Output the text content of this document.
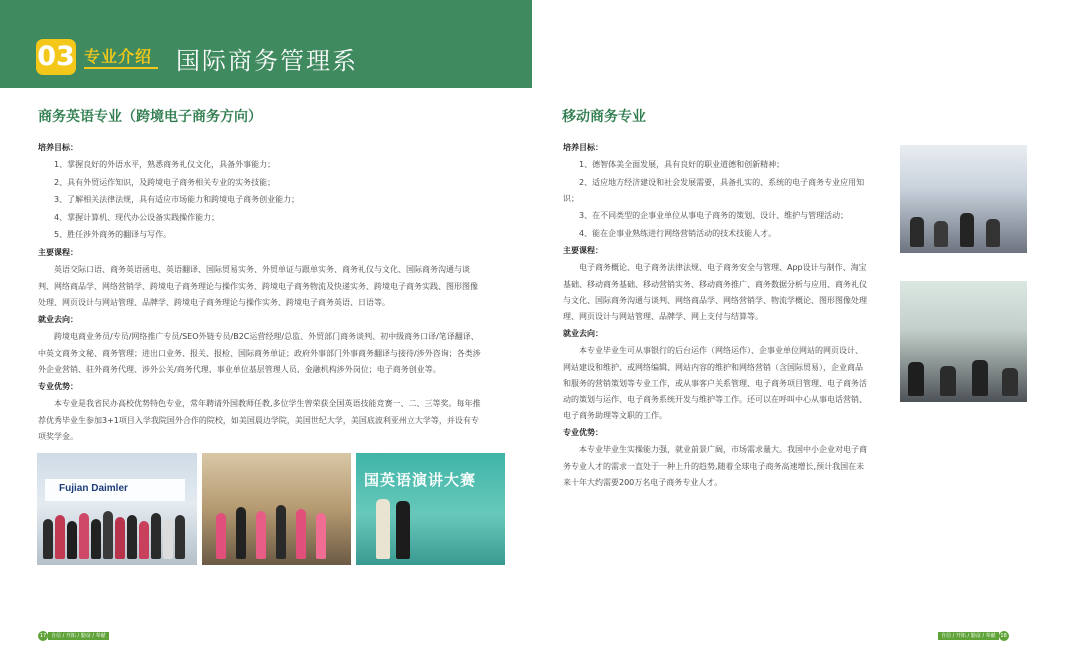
03 专业介绍 国际商务管理系
商务英语专业（跨境电子商务方向）
培养目标：
1、掌握良好的外语水平，熟悉商务礼仪文化，具备外事能力；
2、具有外贸运作知识，及跨境电子商务相关专业的实务技能；
3、了解相关法律法规，具有适应市场能力和跨境电子商务创业能力；
4、掌握计算机、现代办公设备实践操作能力；
5、胜任涉外商务的翻译与写作。
主要课程：
英语交际口语、商务英语函电、英语翻译、国际贸易实务、外贸单证与跟单实务、商务礼仪与文化、国际商务沟通与谈
判、网络商品学、网络营销学、跨境电子商务理论与操作实务、跨境电子商务物流及快递实务、跨境电子商务实践、图形图像
处理、网页设计与网站管理、品牌学、跨境电子商务理论与操作实务、跨境电子商务英语、日语等。
就业去向：
跨境电商业务员/专员/网络推广专员/SEO外链专员/B2C运营经理/总监、外贸部门商务谈判、初中级商务口译/笔译翻译、
中英文商务文秘、商务管理；进出口业务、报关、报检、国际商务单证；政府外事部门外事商务翻译与接待/涉外咨询；各类涉
外企业营销、驻外商务代理、涉外公关/商务代理、事业单位基层管理人员、金融机构涉外岗位；电子商务创业等。
专业优势：
本专业是我省民办高校优势特色专业，常年聘请外国教师任教,多位学生曾荣获全国英语技能竞赛一、二、三等奖。每年推
荐优秀毕业生参加3+1项目入学我院国外合作的院校，如美国晨边学院，美国世纪大学，美国底波利亚州立大学等，并设有专
项奖学金。
Fujian Daimler	国英语演讲大赛
移动商务专业
培养目标：
1、德智体美全面发展，具有良好的职业道德和创新精神；
2、适应地方经济建设和社会发展需要，具备扎实的、系统的电子商务专业应用知
识；
3、在不同类型的企事业单位从事电子商务的策划、设计、维护与管理活动；
4、能在企事业熟练进行网络营销活动的技术技能人才。
主要课程：
电子商务概论、电子商务法律法规、电子商务安全与管理、App设计与制作、淘宝
基础、移动商务基础、移动营销实务、移动商务推广、商务数据分析与应用、商务礼仪
与文化、国际商务沟通与谈判、网络商品学、网络营销学、物流学概论、图形图像处理
理、网页设计与网站管理、品牌学、网上支付与结算等。
就业去向：
本专业毕业生可从事银行的后台运作（网络运作）、企事业单位网站的网页设计、
网站建设和维护、或网络编辑、网站内容的维护和网络营销（含国际贸易），企业商品
和服务的营销策划等专业工作，或从事客户关系管理、电子商务项目管理、电子商务活
动的策划与运作、电子商务系统开发与维护等工作。还可以在呼叫中心从事电话营销、
电子商务助理等文职的工作。
专业优势：
本专业毕业生实操能力强，就业前景广阔，市场需求量大。我国中小企业对电子商
务专业人才的需求一直处于一种上升的趋势,随着全球电子商务高速增长,预计我国在未
来十年大约需要200万名电子商务专业人才。
17 自信 / 开拓 / 勤奋 / 奉献	自信 / 开拓 / 勤奋 / 奉献 18
